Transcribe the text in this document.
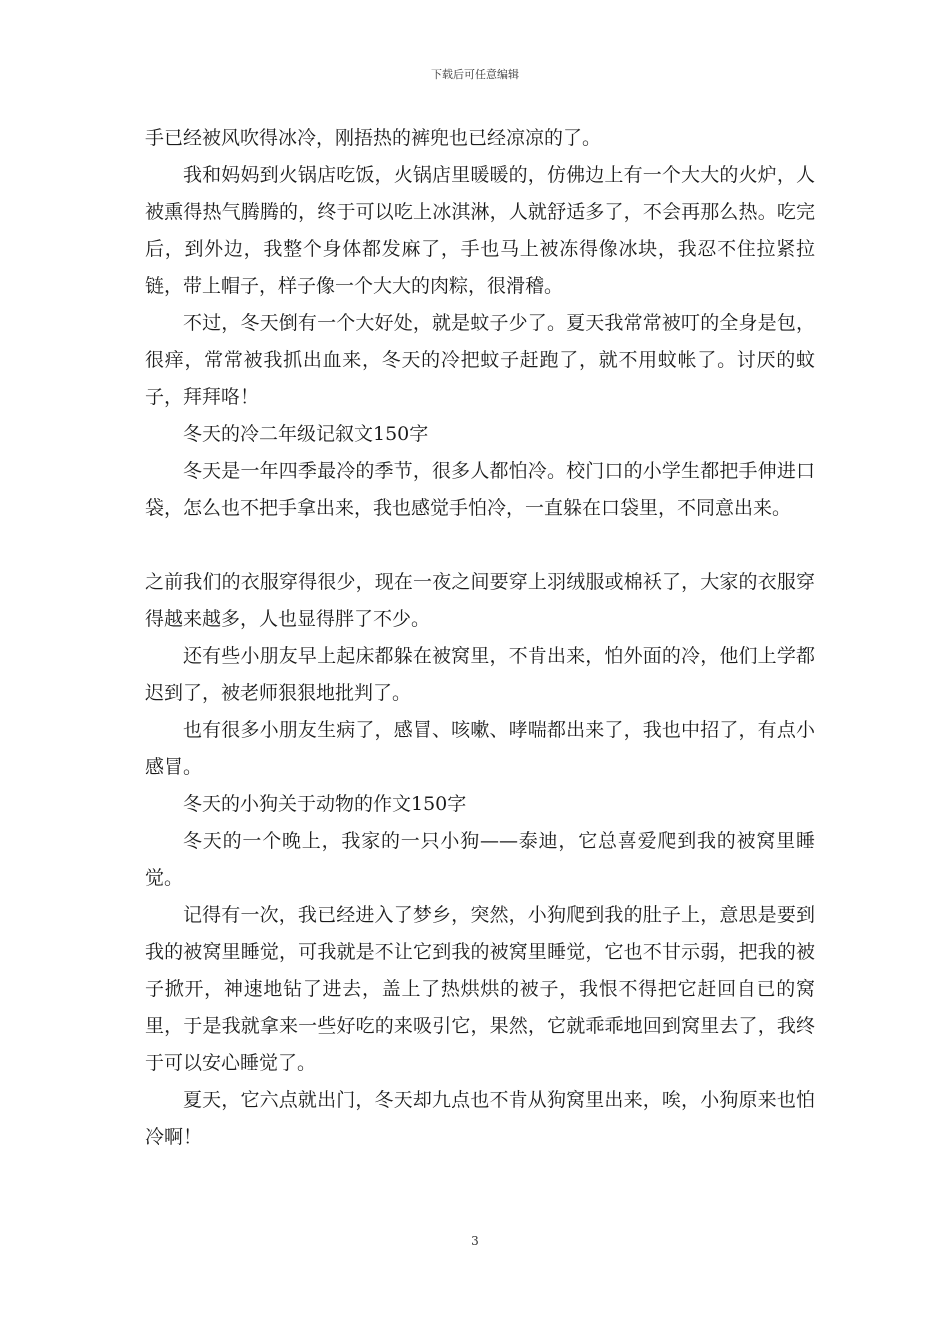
下载后可任意编辑

手已经被风吹得冰冷，刚捂热的裤兜也已经凉凉的了。

我和妈妈到火锅店吃饭，火锅店里暖暖的，仿佛边上有一个大大的火炉，人被熏得热气腾腾的，终于可以吃上冰淇淋，人就舒适多了，不会再那么热。吃完后，到外边，我整个身体都发麻了，手也马上被冻得像冰块，我忍不住拉紧拉链，带上帽子，样子像一个大大的肉粽，很滑稽。

不过，冬天倒有一个大好处，就是蚊子少了。夏天我常常被叮的全身是包，很痒，常常被我抓出血来，冬天的冷把蚊子赶跑了，就不用蚊帐了。讨厌的蚊子，拜拜咯！

冬天的冷二年级记叙文150字

冬天是一年四季最冷的季节，很多人都怕冷。校门口的小学生都把手伸进口袋，怎么也不把手拿出来，我也感觉手怕冷，一直躲在口袋里，不同意出来。

之前我们的衣服穿得很少，现在一夜之间要穿上羽绒服或棉袄了，大家的衣服穿得越来越多，人也显得胖了不少。

还有些小朋友早上起床都躲在被窝里，不肯出来，怕外面的冷，他们上学都迟到了，被老师狠狠地批判了。

也有很多小朋友生病了，感冒、咳嗽、哮喘都出来了，我也中招了，有点小感冒。

冬天的小狗关于动物的作文150字

冬天的一个晚上，我家的一只小狗——泰迪，它总喜爱爬到我的被窝里睡觉。

记得有一次，我已经进入了梦乡，突然，小狗爬到我的肚子上，意思是要到我的被窝里睡觉，可我就是不让它到我的被窝里睡觉，它也不甘示弱，把我的被子掀开，神速地钻了进去，盖上了热烘烘的被子，我恨不得把它赶回自已的窝里，于是我就拿来一些好吃的来吸引它，果然，它就乖乖地回到窝里去了，我终于可以安心睡觉了。

夏天，它六点就出门，冬天却九点也不肯从狗窝里出来，唉，小狗原来也怕冷啊！

3
